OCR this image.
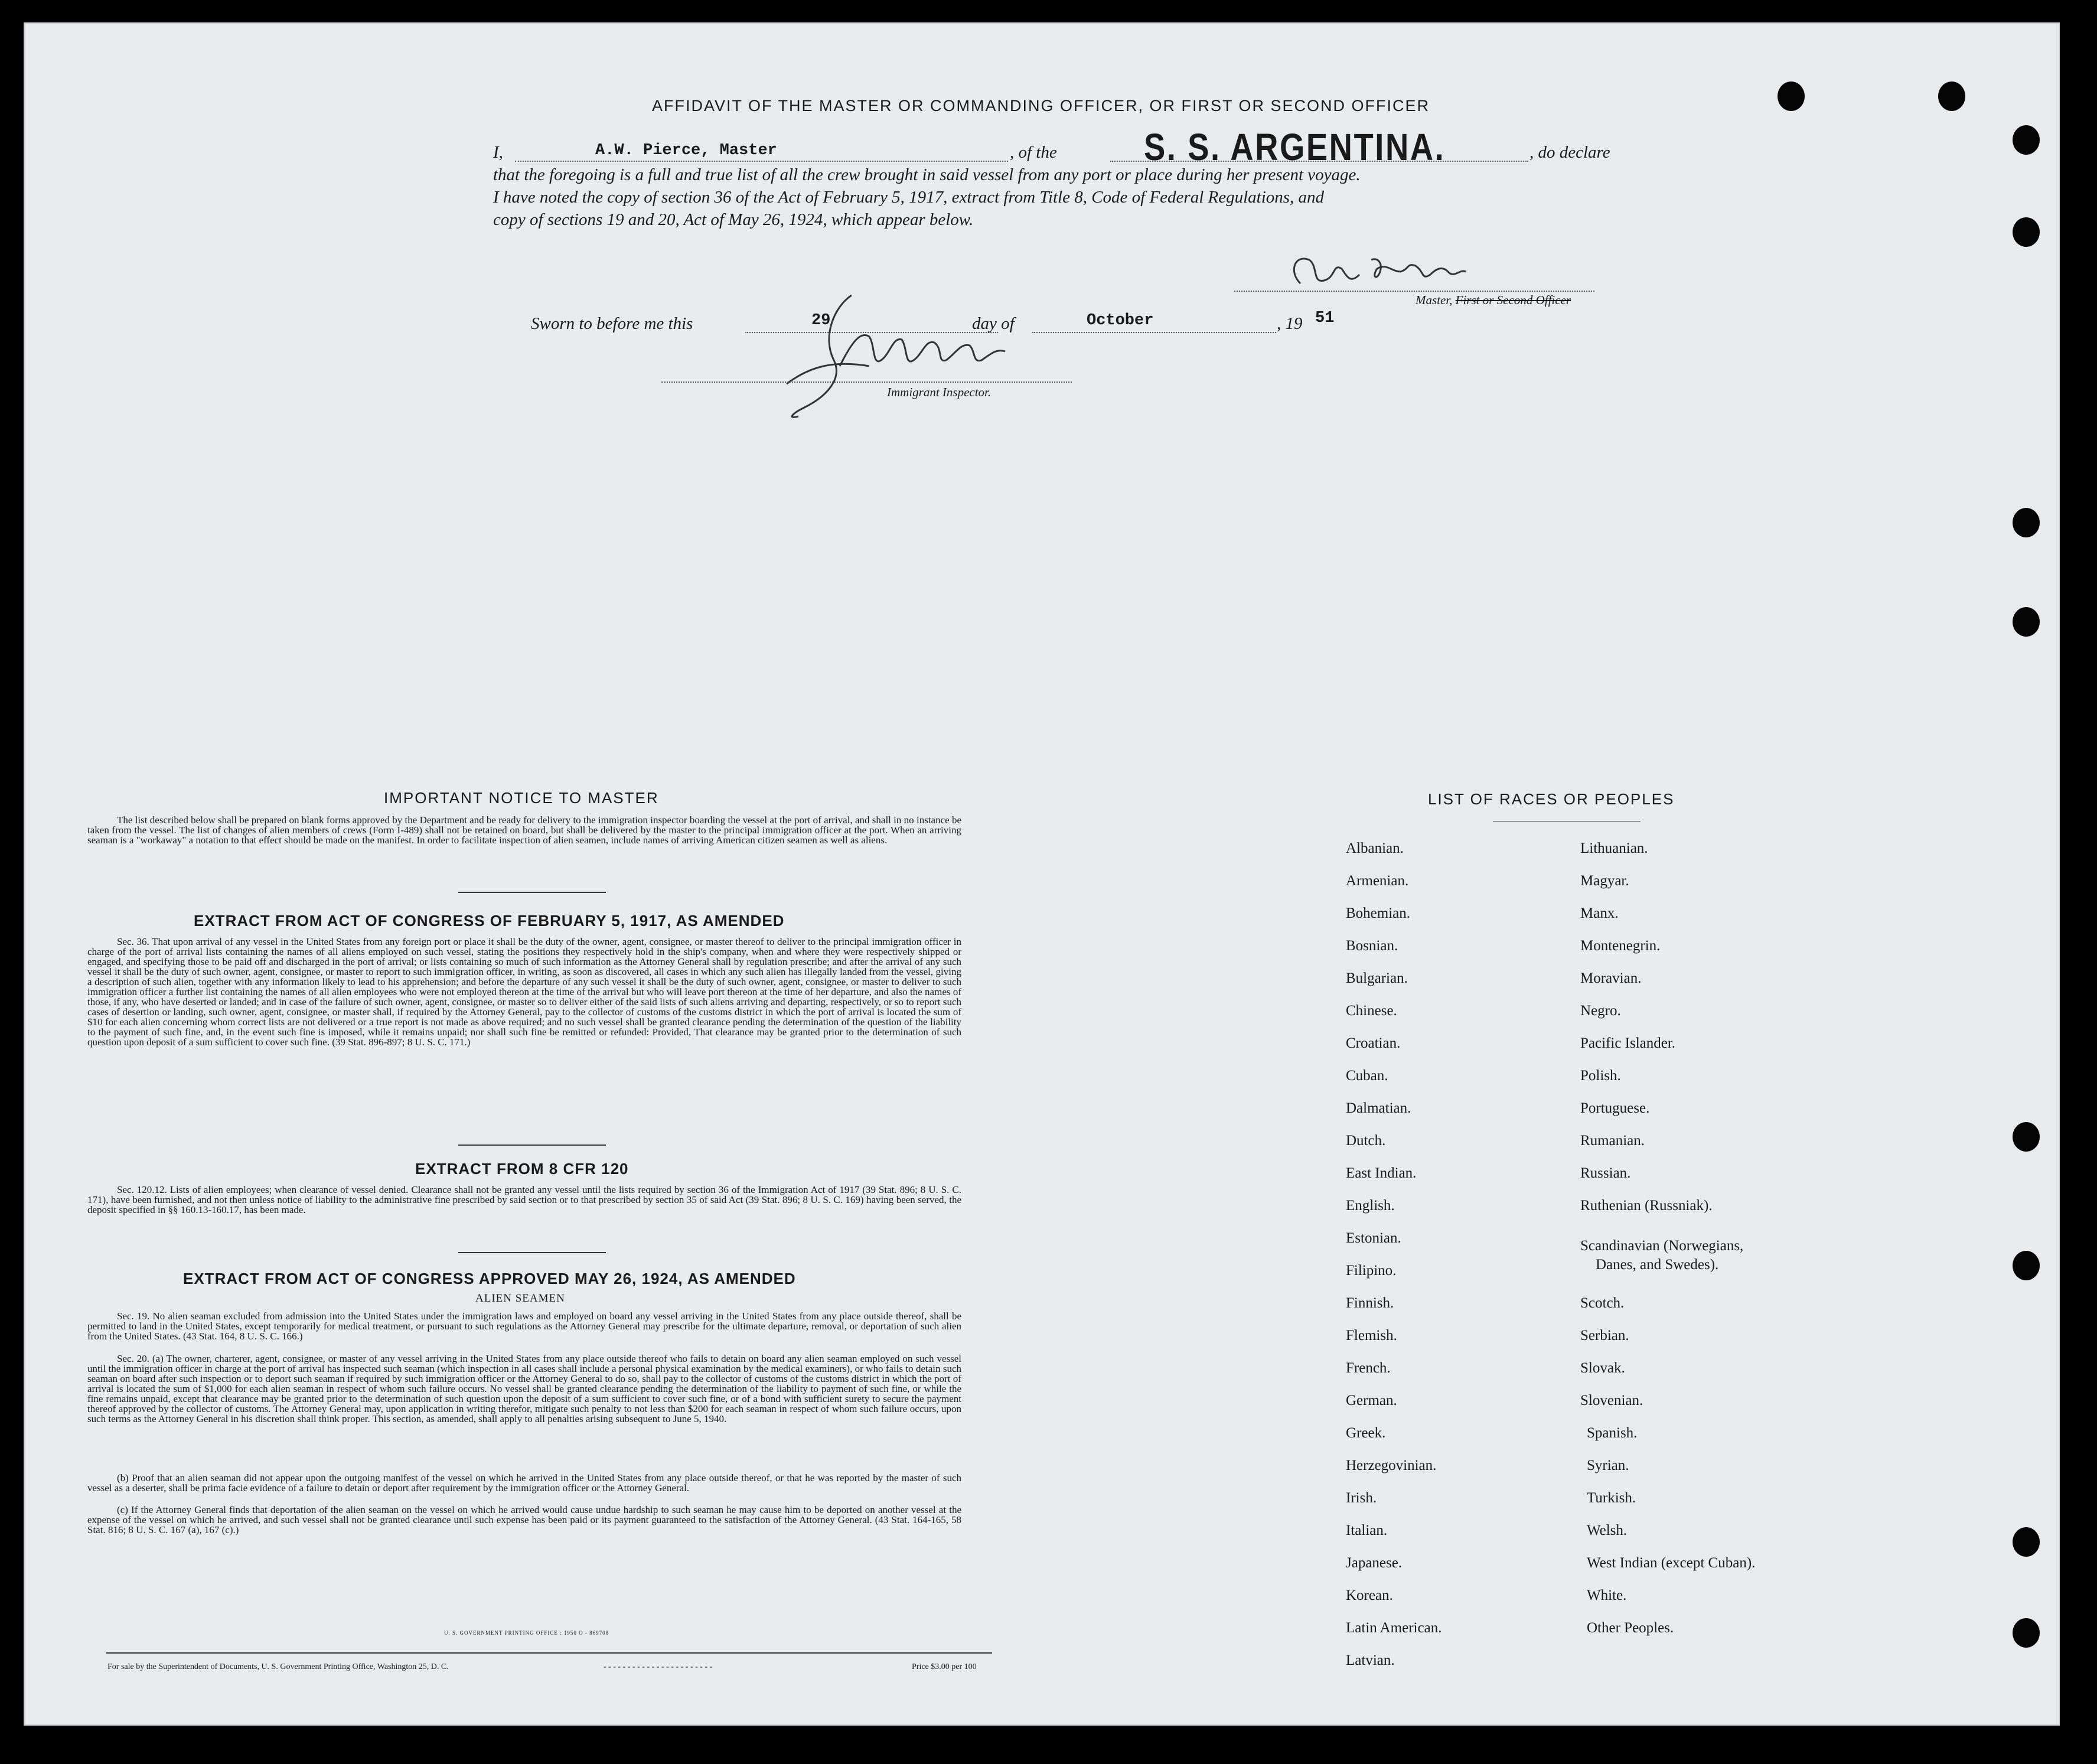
AFFIDAVIT OF THE MASTER OR COMMANDING OFFICER, OR FIRST OR SECOND OFFICER
I,	A.W. Pierce, Master	, of the S. S. ARGENTINA.	, do declare
that the foregoing is a full and true list of all the crew brought in said vessel from any port or place during her present voyage.
I have noted the copy of section 36 of the Act of February 5, 1917, extract from Title 8, Code of Federal Regulations, and
copy of sections 19 and 20, Act of May 26, 1924, which appear below.
Master, First or Second Officer
Sworn to before me this	29	day of	October	, 19 51
Immigrant Inspector.
IMPORTANT NOTICE TO MASTER
The list described below shall be prepared on blank forms approved by the Department and be ready for delivery to the immigration inspector boarding the vessel at the port of arrival, and shall in no instance be taken from the vessel. The list of changes of alien members of crews (Form I-489) shall not be retained on board, but shall be delivered by the master to the principal immigration officer at the port. When an arriving seaman is a "workaway" a notation to that effect should be made on the manifest. In order to facilitate inspection of alien seamen, include names of arriving American citizen seamen as well as aliens.
EXTRACT FROM ACT OF CONGRESS OF FEBRUARY 5, 1917, AS AMENDED
Sec. 36. That upon arrival of any vessel in the United States from any foreign port or place it shall be the duty of the owner, agent, consignee, or master thereof to deliver to the principal immigration officer in charge of the port of arrival lists containing the names of all aliens employed on such vessel, stating the positions they respectively hold in the ship's company, when and where they were respectively shipped or engaged, and specifying those to be paid off and discharged in the port of arrival; or lists containing so much of such information as the Attorney General shall by regulation prescribe; and after the arrival of any such vessel it shall be the duty of such owner, agent, consignee, or master to report to such immigration officer, in writing, as soon as discovered, all cases in which any such alien has illegally landed from the vessel, giving a description of such alien, together with any information likely to lead to his apprehension; and before the departure of any such vessel it shall be the duty of such owner, agent, consignee, or master to deliver to such immigration officer a further list containing the names of all alien employees who were not employed thereon at the time of the arrival but who will leave port thereon at the time of her departure, and also the names of those, if any, who have deserted or landed; and in case of the failure of such owner, agent, consignee, or master so to deliver either of the said lists of such aliens arriving and departing, respectively, or so to report such cases of desertion or landing, such owner, agent, consignee, or master shall, if required by the Attorney General, pay to the collector of customs of the customs district in which the port of arrival is located the sum of $10 for each alien concerning whom correct lists are not delivered or a true report is not made as above required; and no such vessel shall be granted clearance pending the determination of the question of the liability to the payment of such fine, and, in the event such fine is imposed, while it remains unpaid; nor shall such fine be remitted or refunded: Provided, That clearance may be granted prior to the determination of such question upon deposit of a sum sufficient to cover such fine. (39 Stat. 896-897; 8 U. S. C. 171.)
EXTRACT FROM 8 CFR 120
Sec. 120.12. Lists of alien employees; when clearance of vessel denied. Clearance shall not be granted any vessel until the lists required by section 36 of the Immigration Act of 1917 (39 Stat. 896; 8 U. S. C. 171), have been furnished, and not then unless notice of liability to the administrative fine prescribed by said section or to that prescribed by section 35 of said Act (39 Stat. 896; 8 U. S. C. 169) having been served, the deposit specified in §§ 160.13-160.17, has been made.
EXTRACT FROM ACT OF CONGRESS APPROVED MAY 26, 1924, AS AMENDED
ALIEN SEAMEN
Sec. 19. No alien seaman excluded from admission into the United States under the immigration laws and employed on board any vessel arriving in the United States from any place outside thereof, shall be permitted to land in the United States, except temporarily for medical treatment, or pursuant to such regulations as the Attorney General may prescribe for the ultimate departure, removal, or deportation of such alien from the United States. (43 Stat. 164, 8 U. S. C. 166.)
Sec. 20. (a) The owner, charterer, agent, consignee, or master of any vessel arriving in the United States from any place outside thereof who fails to detain on board any alien seaman employed on such vessel until the immigration officer in charge at the port of arrival has inspected such seaman (which inspection in all cases shall include a personal physical examination by the medical examiners), or who fails to detain such seaman on board after such inspection or to deport such seaman if required by such immigration officer or the Attorney General to do so, shall pay to the collector of customs of the customs district in which the port of arrival is located the sum of $1,000 for each alien seaman in respect of whom such failure occurs. No vessel shall be granted clearance pending the determination of the liability to payment of such fine, or while the fine remains unpaid, except that clearance may be granted prior to the determination of such question upon the deposit of a sum sufficient to cover such fine, or of a bond with sufficient surety to secure the payment thereof approved by the collector of customs. The Attorney General may, upon application in writing therefor, mitigate such penalty to not less than $200 for each seaman in respect of whom such failure occurs, upon such terms as the Attorney General in his discretion shall think proper. This section, as amended, shall apply to all penalties arising subsequent to June 5, 1940.
(b) Proof that an alien seaman did not appear upon the outgoing manifest of the vessel on which he arrived in the United States from any place outside thereof, or that he was reported by the master of such vessel as a deserter, shall be prima facie evidence of a failure to detain or deport after requirement by the immigration officer or the Attorney General.
(c) If the Attorney General finds that deportation of the alien seaman on the vessel on which he arrived would cause undue hardship to such seaman he may cause him to be deported on another vessel at the expense of the vessel on which he arrived, and such vessel shall not be granted clearance until such expense has been paid or its payment guaranteed to the satisfaction of the Attorney General. (43 Stat. 164-165, 58 Stat. 816; 8 U. S. C. 167 (a), 167 (c).)
U. S. GOVERNMENT PRINTING OFFICE : 1950 O - 869708
For sale by the Superintendent of Documents, U. S. Government Printing Office, Washington 25, D. C.	- - - - - - - - - - - - - - - - - - - - - - -	Price $3.00 per 100
LIST OF RACES OR PEOPLES
Albanian.
Armenian.
Bohemian.
Bosnian.
Bulgarian.
Chinese.
Croatian.
Cuban.
Dalmatian.
Dutch.
East Indian.
English.
Estonian.
Filipino.
Finnish.
Flemish.
French.
German.
Greek.
Herzegovinian.
Irish.
Italian.
Japanese.
Korean.
Latin American.
Latvian.
Lithuanian.
Magyar.
Manx.
Montenegrin.
Moravian.
Negro.
Pacific Islander.
Polish.
Portuguese.
Rumanian.
Russian.
Ruthenian (Russniak).
Scandinavian (Norwegians,
Danes, and Swedes).
Scotch.
Serbian.
Slovak.
Slovenian.
Spanish.
Syrian.
Turkish.
Welsh.
West Indian (except Cuban).
White.
Other Peoples.
